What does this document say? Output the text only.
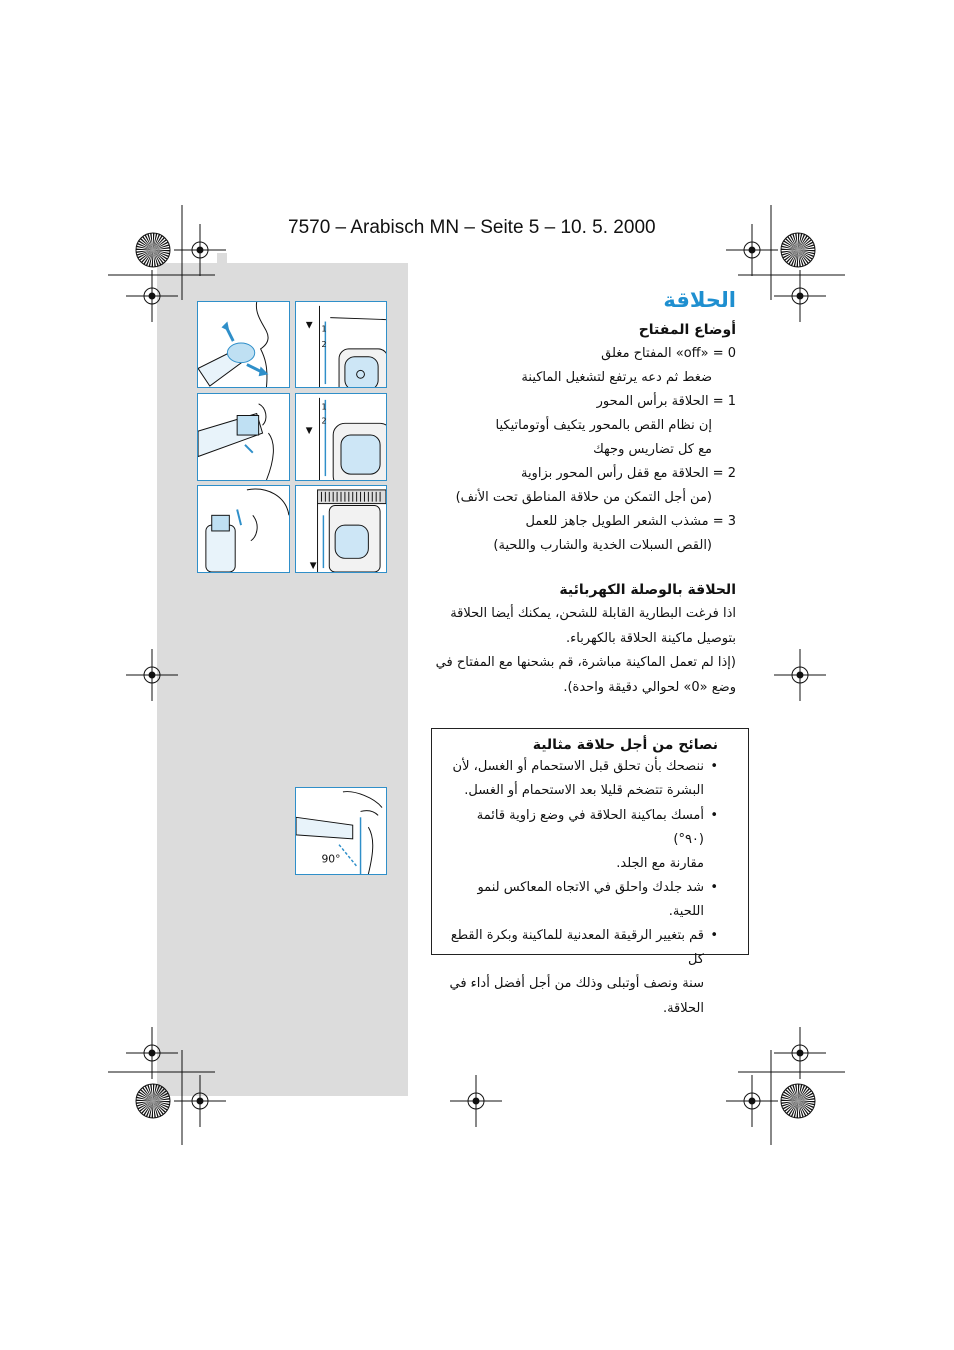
7570 – Arabisch MN – Seite 5 – 10. 5. 2000
▼ 1
2
▼
1
2
▼
90°
الحلاقة
أوضاع المفتاح
off» = 0» المفتاح مغلق
ضغط ثم دعه يرتفع لتشغيل الماكينة
1 = الحلاقة برأس المحور
إن نظام القص بالمحور يتكيف أوتوماتيكيا
مع كل تضاريس وجهك
2 = الحلاقة مع قفل رأس المحور بزاوية
(من أجل التمكن من حلاقة المناطق تحت الأنف)
3 = مشذب الشعر الطويل جاهز للعمل
(القص السبلات الخدية والشارب واللحية)
الحلاقة بالوصلة الكهربائية
اذا فرغت البطارية القابلة للشحن، يمكنك أيضا الحلاقة
بتوصيل ماكينة الحلاقة بالكهرباء.
(إذا لم تعمل الماكينة مباشرة، قم بشحنها مع المفتاح في
وضع «0» لحوالي دقيقة واحدة).
نصائح من أجل حلاقة مثالية

• ننصحك بأن تحلق قبل الاستحمام أو الغسل، لأن

البشرة تتضخم قليلا بعد الاستحمام أو الغسل.

• أمسك بماكينة الحلاقة في وضع زاوية قائمة (٩٠°)

مقارنة مع الجلد.

• شد جلدك واحلق في الاتجاه المعاكس لنمو اللحية.

• قم بتغيير الرقيقة المعدنية للماكينة وبكرة القطع كل

سنة ونصف أوتبلى وذلك من أجل أفضل أداء في

الحلاقة.
